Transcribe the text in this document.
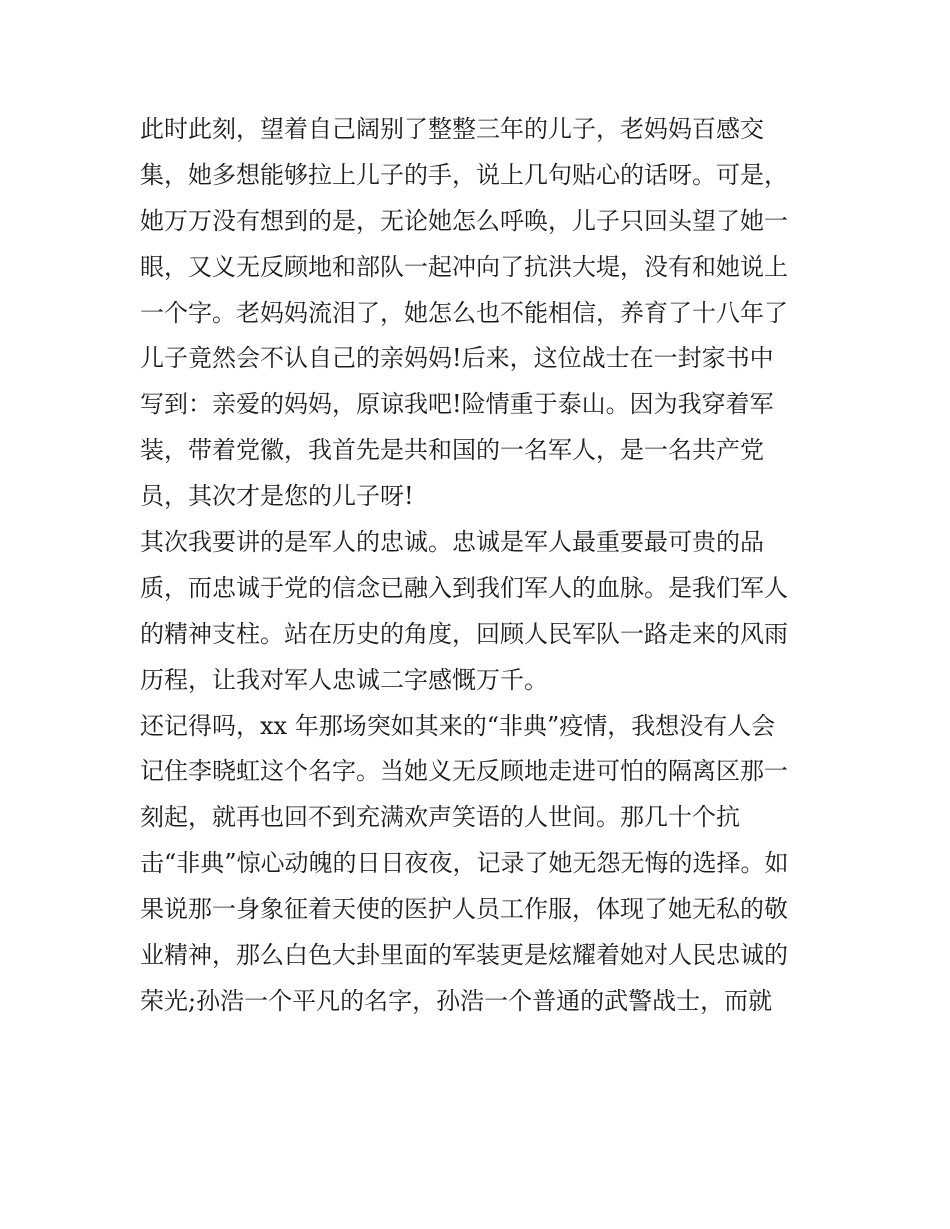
此时此刻，望着自己阔别了整整三年的儿子，老妈妈百感交
集，她多想能够拉上儿子的手，说上几句贴心的话呀。可是，
她万万没有想到的是，无论她怎么呼唤，儿子只回头望了她一
眼，又义无反顾地和部队一起冲向了抗洪大堤，没有和她说上
一个字。老妈妈流泪了，她怎么也不能相信，养育了十八年了
儿子竟然会不认自己的亲妈妈!后来，这位战士在一封家书中
写到：亲爱的妈妈，原谅我吧!险情重于泰山。因为我穿着军
装，带着党徽，我首先是共和国的一名军人，是一名共产党
员，其次才是您的儿子呀!
其次我要讲的是军人的忠诚。忠诚是军人最重要最可贵的品
质，而忠诚于党的信念已融入到我们军人的血脉。是我们军人
的精神支柱。站在历史的角度，回顾人民军队一路走来的风雨
历程，让我对军人忠诚二字感慨万千。
还记得吗，xx 年那场突如其来的“非典”疫情，我想没有人会
记住李晓虹这个名字。当她义无反顾地走进可怕的隔离区那一
刻起，就再也回不到充满欢声笑语的人世间。那几十个抗
击“非典”惊心动魄的日日夜夜，记录了她无怨无悔的选择。如
果说那一身象征着天使的医护人员工作服，体现了她无私的敬
业精神，那么白色大卦里面的军装更是炫耀着她对人民忠诚的
荣光;孙浩一个平凡的名字，孙浩一个普通的武警战士，而就
